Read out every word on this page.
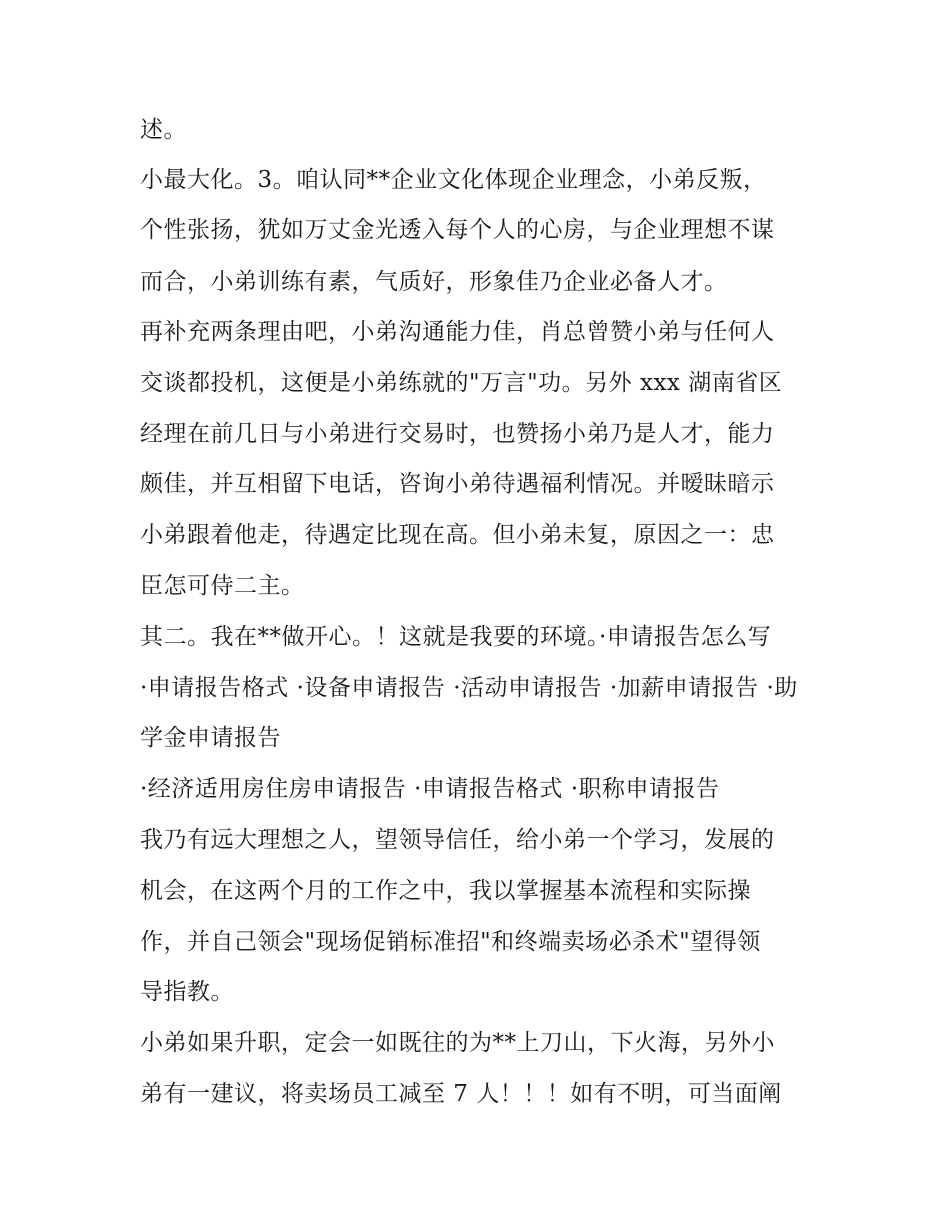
述。
小最大化。3。咱认同**企业文化体现企业理念，小弟反叛，
个性张扬，犹如万丈金光透入每个人的心房，与企业理想不谋
而合，小弟训练有素，气质好，形象佳乃企业必备人才。
再补充两条理由吧，小弟沟通能力佳，肖总曾赞小弟与任何人
交谈都投机，这便是小弟练就的"万言"功。另外 xxx 湖南省区
经理在前几日与小弟进行交易时，也赞扬小弟乃是人才，能力
颇佳，并互相留下电话，咨询小弟待遇福利情况。并暧昧暗示
小弟跟着他走，待遇定比现在高。但小弟未复，原因之一：忠
臣怎可侍二主。
其二。我在**做开心。！这就是我要的环境。·申请报告怎么写
·申请报告格式 ·设备申请报告 ·活动申请报告 ·加薪申请报告 ·助
学金申请报告
·经济适用房住房申请报告 ·申请报告格式 ·职称申请报告
我乃有远大理想之人，望领导信任，给小弟一个学习，发展的
机会，在这两个月的工作之中，我以掌握基本流程和实际操
作，并自己领会"现场促销标准招"和终端卖场必杀术"望得领
导指教。
小弟如果升职，定会一如既往的为**上刀山，下火海，另外小
弟有一建议，将卖场员工减至 7 人！！！如有不明，可当面阐
